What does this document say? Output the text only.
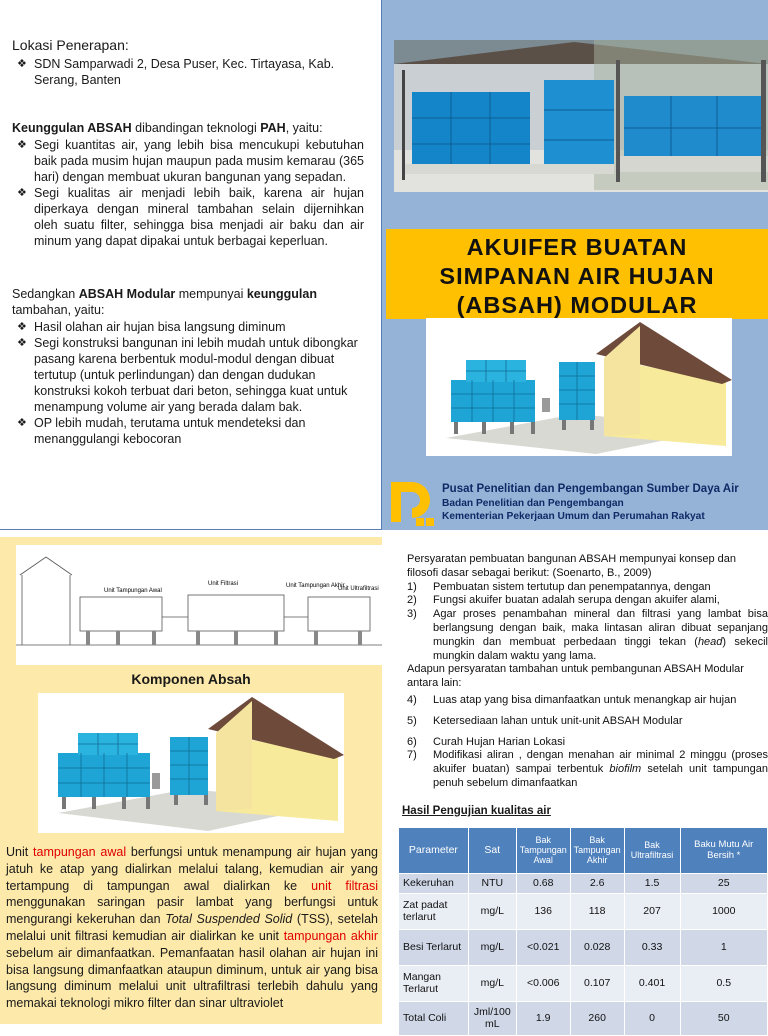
Lokasi Penerapan:
❖ SDN Samparwadi 2, Desa Puser, Kec. Tirtayasa, Kab. Serang, Banten
Keunggulan ABSAH dibandingan teknologi PAH, yaitu:
❖ Segi kuantitas air, yang lebih bisa mencukupi kebutuhan baik pada musim hujan maupun pada musim kemarau (365 hari) dengan membuat ukuran bangunan yang sepadan.
❖ Segi kualitas air menjadi lebih baik, karena air hujan diperkaya dengan mineral tambahan selain dijernihkan oleh suatu filter, sehingga bisa menjadi air baku dan air minum yang dapat dipakai untuk berbagai keperluan.
Sedangkan ABSAH Modular mempunyai keunggulan tambahan, yaitu:
❖ Hasil olahan air hujan bisa langsung diminum
❖ Segi konstruksi bangunan ini lebih mudah untuk dibongkar pasang karena berbentuk modul-modul dengan dibuat tertutup (untuk perlindungan) dan dengan dudukan konstruksi kokoh terbuat dari beton, sehingga kuat untuk menampung volume air yang berada dalam bak.
❖ OP lebih mudah, terutama untuk mendeteksi dan menanggulangi kebocoran
AKUIFER BUATAN
SIMPANAN AIR HUJAN
(ABSAH) MODULAR
Pusat Penelitian dan Pengembangan Sumber Daya Air
Badan Penelitian dan Pengembangan
Kementerian Pekerjaan Umum dan Perumahan Rakyat
Unit Tampungan Awal
Unit Filtrasi	Unit Tampungan Akhir
Unit Ultrafiltrasi
Komponen Absah
Unit tampungan awal berfungsi untuk menampung air hujan yang jatuh ke atap yang dialirkan melalui talang, kemudian air yang tertampung di tampungan awal dialirkan ke unit filtrasi menggunakan saringan pasir lambat yang berfungsi untuk mengurangi kekeruhan dan Total Suspended Solid (TSS), setelah melalui unit filtrasi kemudian air dialirkan ke unit tampungan akhir sebelum air dimanfaatkan. Pemanfaatan hasil olahan air hujan ini bisa langsung dimanfaatkan ataupun diminum, untuk air yang bisa langsung diminum melalui unit ultrafiltrasi terlebih dahulu yang memakai teknologi mikro filter dan sinar ultraviolet
Persyaratan pembuatan bangunan ABSAH mempunyai konsep dan filosofi dasar sebagai berikut: (Soenarto, B., 2009)
1) Pembuatan sistem tertutup dan penempatannya, dengan
2) Fungsi akuifer buatan adalah serupa dengan akuifer alami,
3) Agar proses penambahan mineral dan filtrasi yang lambat bisa berlangsung dengan baik, maka lintasan aliran dibuat sepanjang mungkin dan membuat perbedaan tinggi tekan (head) sekecil mungkin dalam waktu yang lama.
Adapun persyaratan tambahan untuk pembangunan ABSAH Modular antara lain:
4) Luas atap yang bisa dimanfaatkan untuk menangkap air hujan
5) Ketersediaan lahan untuk unit-unit ABSAH Modular
6) Curah Hujan Harian Lokasi
7) Modifikasi aliran , dengan menahan air minimal 2 minggu (proses akuifer buatan) sampai terbentuk biofilm setelah unit tampungan penuh sebelum dimanfaatkan
Hasil Pengujian kualitas air
Parameter	Sat	Bak Tampungan Awal	Bak Tampungan Akhir	Bak Ultrafiltrasi	Baku Mutu Air Bersih *
Kekeruhan	NTU	0.68	2.6	1.5	25
Zat padat terlarut	mg/L	136	118	207	1000
Besi Terlarut	mg/L	<0.021	0.028	0.33	1
Mangan Terlarut	mg/L	<0.006	0.107	0.401	0.5
Total Coli	Jml/100 mL	1.9	260	0	50
